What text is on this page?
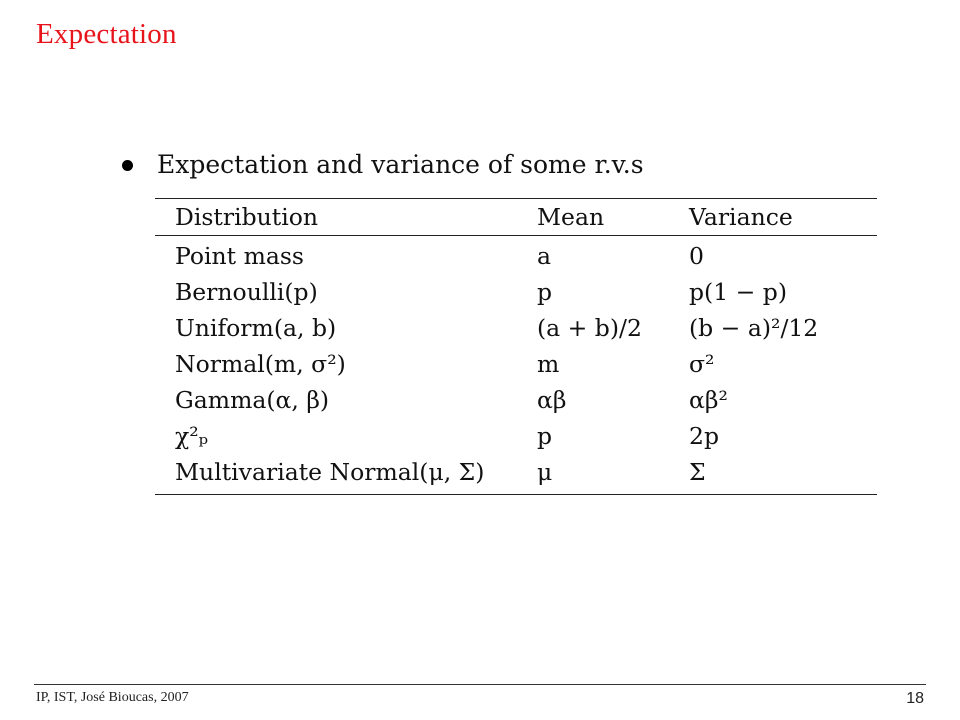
Expectation
Expectation and variance of some r.v.s
Distribution	Mean	Variance
Point mass	a	0
Bernoulli(p)	p	p(1 − p)
Uniform(a, b)	(a + b)/2	(b − a)²/12
Normal(m, σ²)	m	σ²
Gamma(α, β)	αβ	αβ²
χ²ₚ	p	2p
Multivariate Normal(μ, Σ)	μ	Σ
IP, IST, José Bioucas, 2007	18
